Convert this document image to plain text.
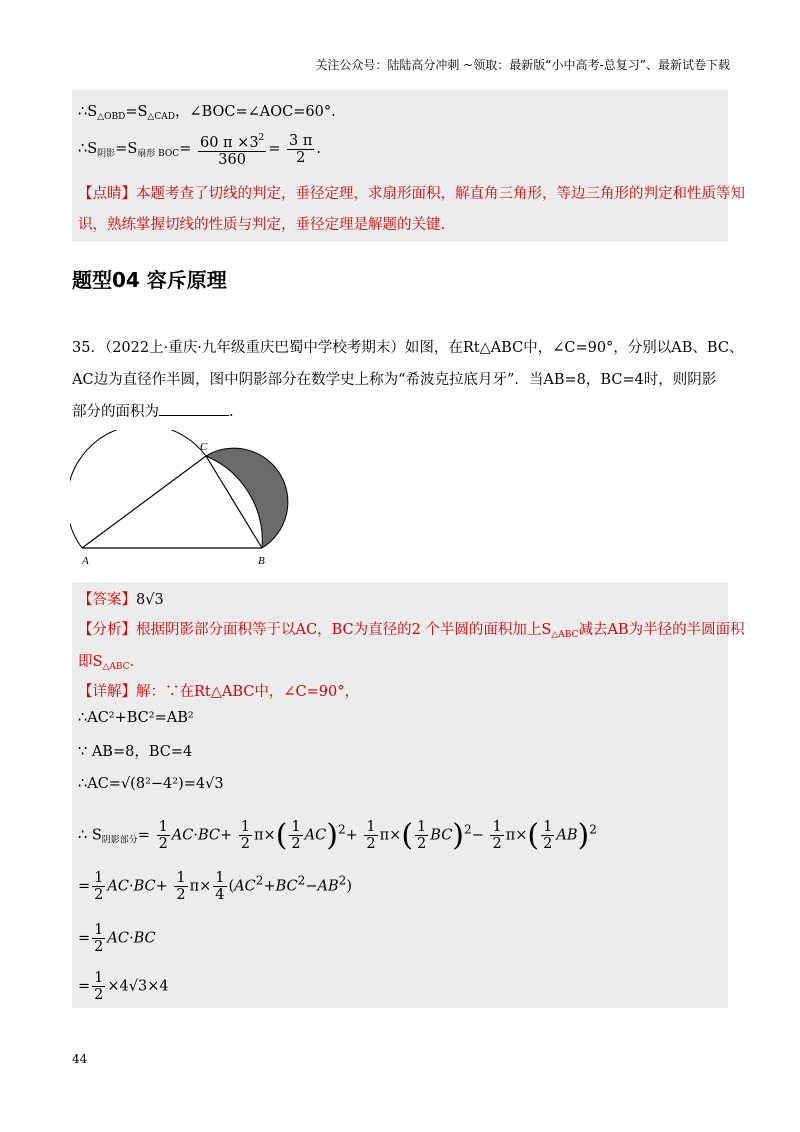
关注公众号：陆陆高分冲刺 ~领取：最新版“小中高考-总复习”、最新试卷下载
$\therefore S_{\triangle OBD}=S_{\triangle CAD}$，∠BOC=∠AOC=60°.
$\therefore S_{阴影}=S_{扇形 BOC}= \frac{60 \pi \times 3^2}{360} = \frac{3 \pi}{2}$ .
【点睛】本题考查了切线的判定，垂径定理，求扇形面积，解直角三角形，等边三角形的判定和性质等知
识，熟练掌握切线的性质与判定，垂径定理是解题的关键.
题型04 容斥原理
35．（2022上·重庆·九年级重庆巴蜀中学校考期末）如图，在Rt△ABC中，∠C=90°，分别以AB、BC、
AC边为直径作半圆，图中阴影部分在数学史上称为“希波克拉底月牙”．当AB=8，BC=4时，则阴影
部分的面积为	.
A	B
C
【答案】8√3
【分析】根据阴影部分面积等于以AC，BC为直径的2 个半圆的面积加上$S_{\triangle ABC}$减去AB为半径的半圆面积
即$S_{\triangle ABC}$.
【详解】解：∵在Rt△ABC中，∠C=90°，
∴AC²+BC²=AB²
∵ AB=8，BC=4
∴AC=√(8²−4²)=4√3
∴ $S_{阴影部分}= \frac{1}{2} AC\cdot BC+ \frac{1}{2} \pi\times( \frac{1}{2} AC)^2+ \frac{1}{2} \pi\times( \frac{1}{2} BC)^2- \frac{1}{2} \pi\times( \frac{1}{2} AB)^2$
= $\frac{1}{2} AC\cdot BC+ \frac{1}{2} \pi\times \frac{1}{4} (AC^2+BC^2-AB^2)$
= $\frac{1}{2} AC\cdot BC$
= $\frac{1}{2} \times 4√3\times 4$
44
